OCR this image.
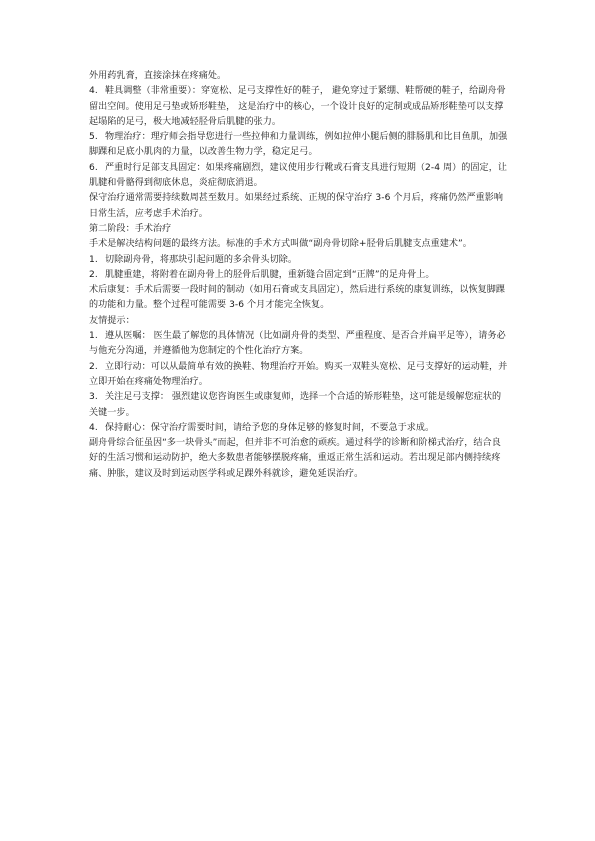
外用药乳膏，直接涂抹在疼痛处。

4. 鞋具调整（非常重要）：穿宽松、足弓支撑性好的鞋子， 避免穿过于紧绷、鞋帮硬的鞋子，给副舟骨留出空间。使用足弓垫或矫形鞋垫， 这是治疗中的核心，一个设计良好的定制或成品矫形鞋垫可以支撑起塌陷的足弓，极大地减轻胫骨后肌腱的张力。

5. 物理治疗：理疗师会指导您进行一些拉伸和力量训练，例如拉伸小腿后侧的腓肠肌和比目鱼肌，加强脚踝和足底小肌肉的力量，以改善生物力学，稳定足弓。

6. 严重时行足部支具固定：如果疼痛剧烈，建议使用步行靴或石膏支具进行短期（2-4 周）的固定，让肌腱和骨骼得到彻底休息，炎症彻底消退。

保守治疗通常需要持续数周甚至数月。如果经过系统、正规的保守治疗 3-6 个月后，疼痛仍然严重影响日常生活，应考虑手术治疗。

第二阶段：手术治疗

手术是解决结构问题的最终方法。标准的手术方式叫做“副舟骨切除+胫骨后肌腱支点重建术”。

1. 切除副舟骨，将那块引起问题的多余骨头切除。

2. 肌腱重建，将附着在副舟骨上的胫骨后肌腱，重新缝合固定到“正牌”的足舟骨上。

术后康复：手术后需要一段时间的制动（如用石膏或支具固定），然后进行系统的康复训练，以恢复脚踝的功能和力量。整个过程可能需要 3-6 个月才能完全恢复。

友情提示：

1. 遵从医嘱： 医生最了解您的具体情况（比如副舟骨的类型、严重程度、是否合并扁平足等），请务必与他充分沟通，并遵循他为您制定的个性化治疗方案。

2. 立即行动：可以从最简单有效的换鞋、物理治疗开始。购买一双鞋头宽松、足弓支撑好的运动鞋，并立即开始在疼痛处物理治疗。

3. 关注足弓支撑： 强烈建议您咨询医生或康复师，选择一个合适的矫形鞋垫，这可能是缓解您症状的关键一步。

4. 保持耐心：保守治疗需要时间，请给予您的身体足够的修复时间，不要急于求成。

副舟骨综合征虽因“多一块骨头”而起，但并非不可治愈的顽疾。通过科学的诊断和阶梯式治疗，结合良好的生活习惯和运动防护，绝大多数患者能够摆脱疼痛，重返正常生活和运动。若出现足部内侧持续疼痛、肿胀，建议及时到运动医学科或足踝外科就诊，避免延误治疗。
